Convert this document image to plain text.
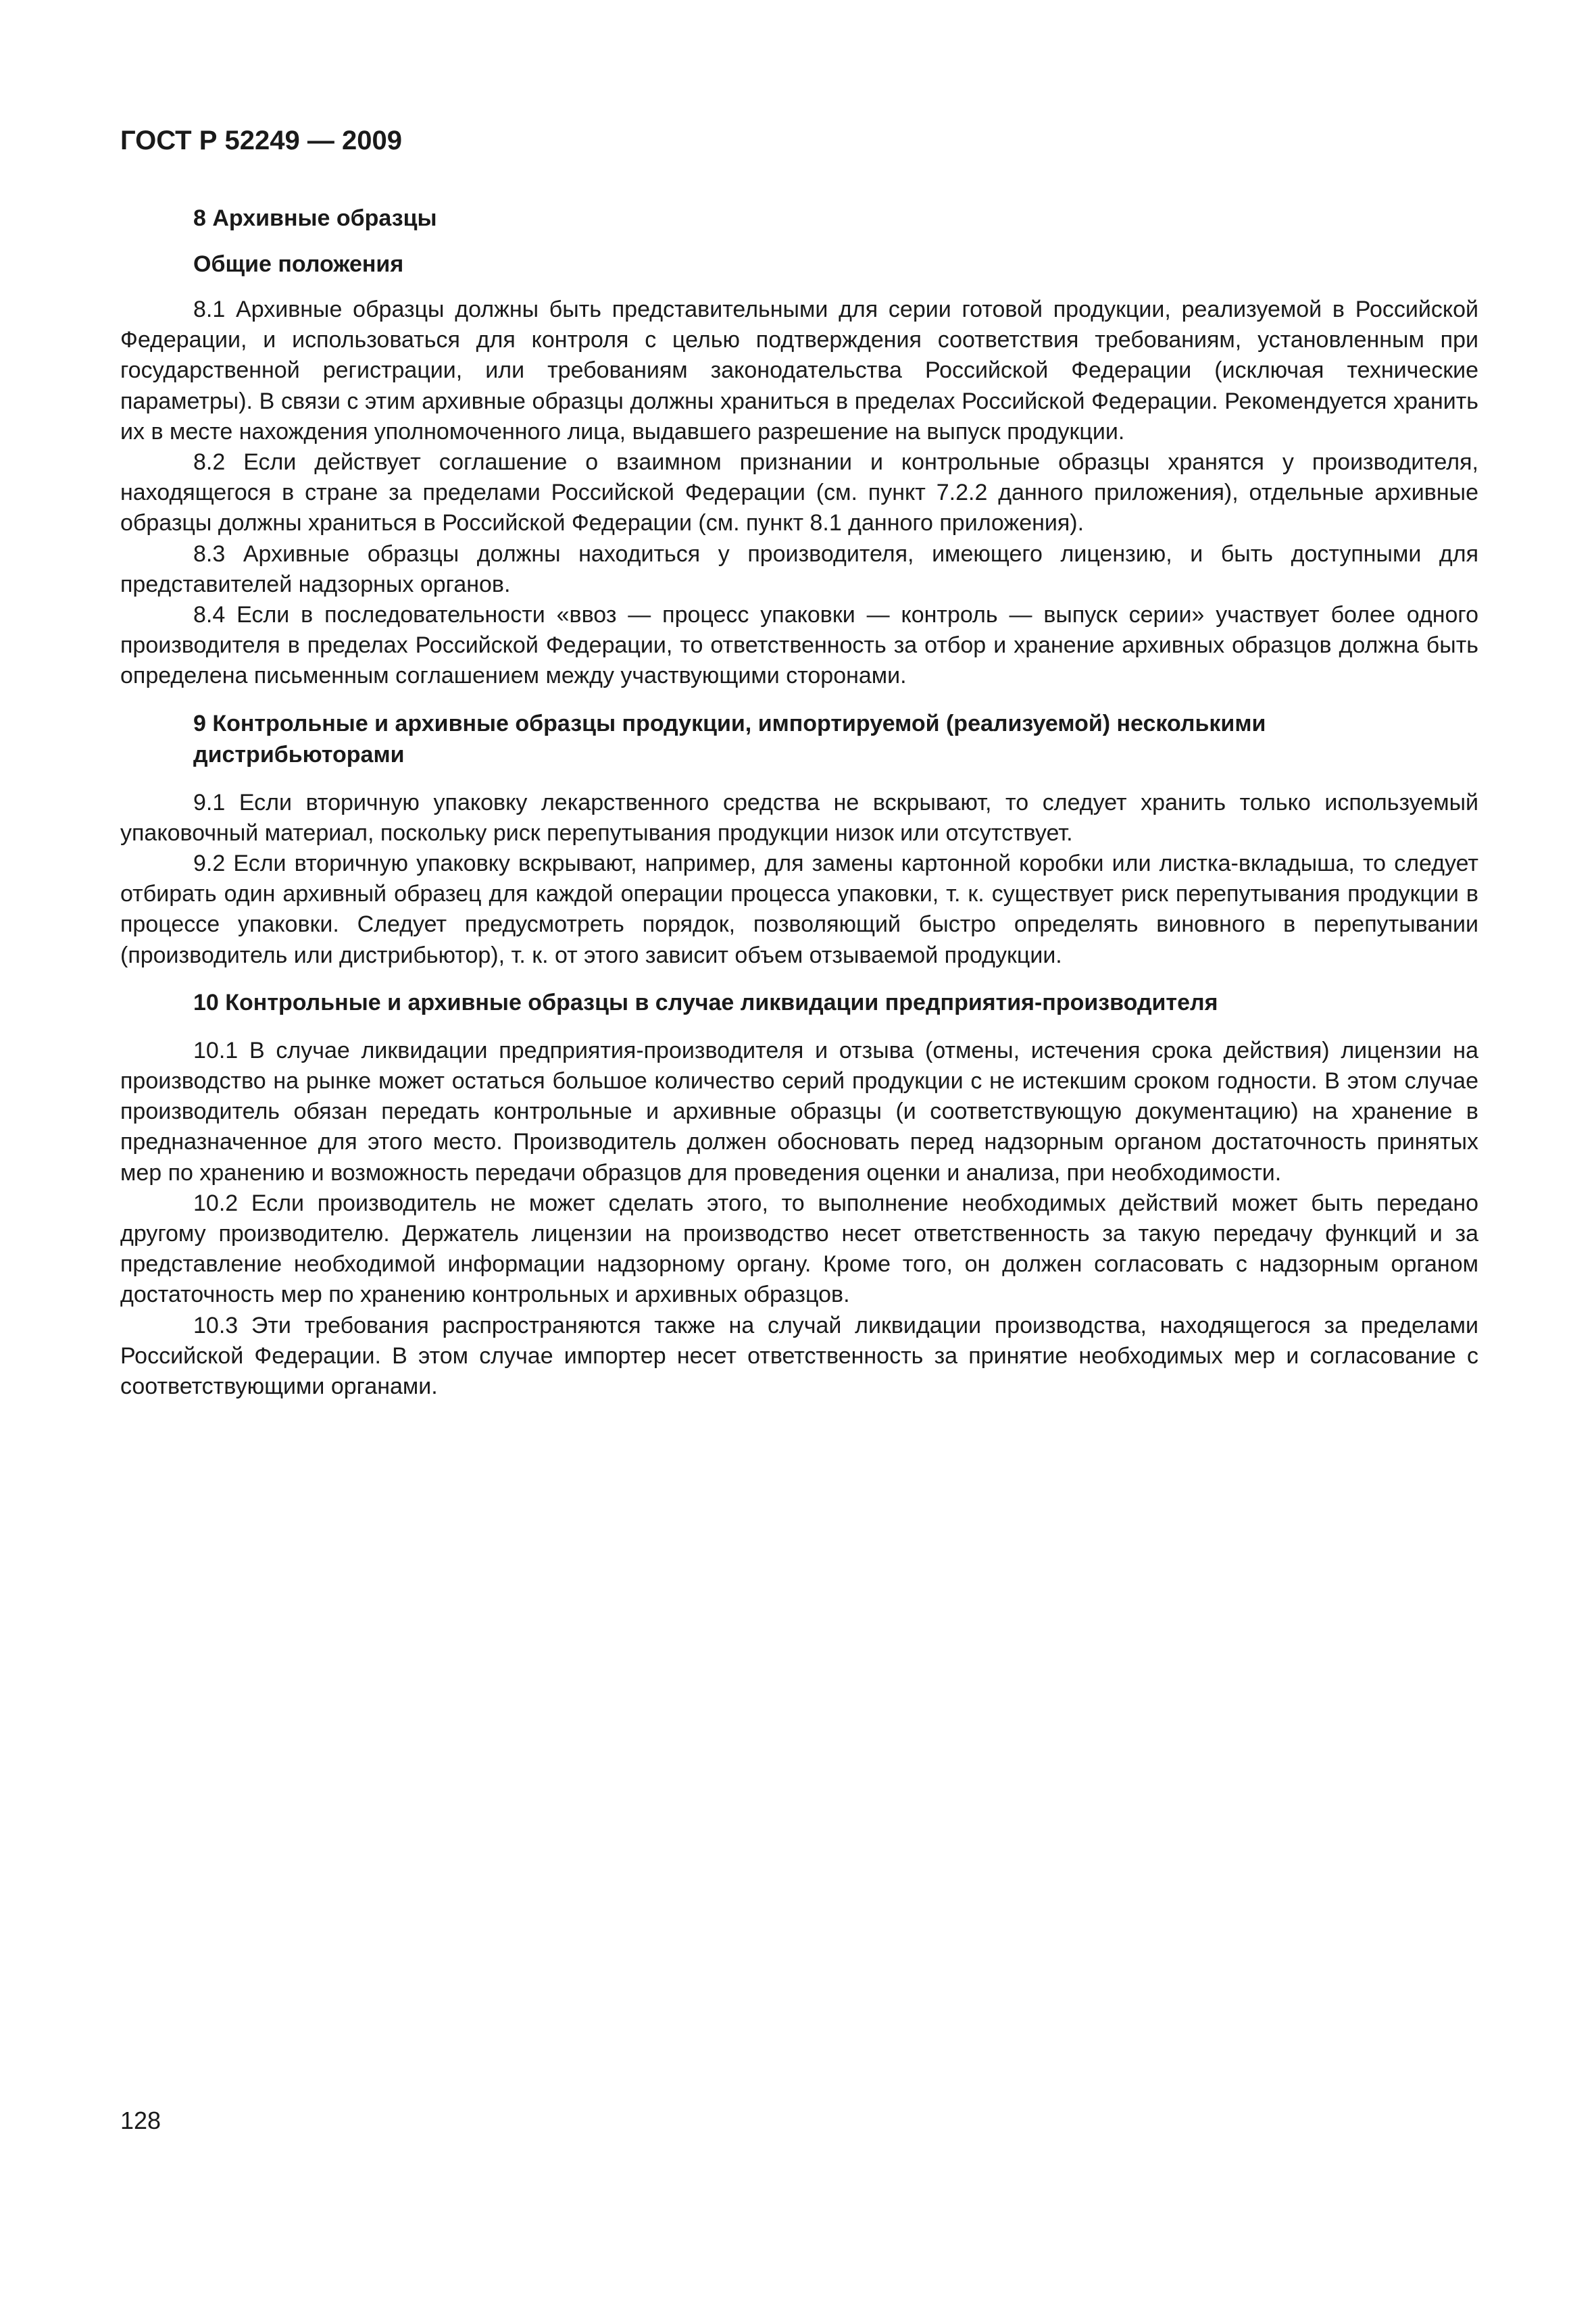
ГОСТ Р 52249 — 2009
8 Архивные образцы
Общие положения

8.1 Архивные образцы должны быть представительными для серии готовой продукции, реализуемой в Российской Федерации, и использоваться для контроля с целью подтверждения соответствия требованиям, установленным при государственной регистрации, или требованиям законодательства Российской Федерации (исключая технические параметры). В связи с этим архивные образцы должны храниться в пределах Российской Федерации. Рекомендуется хранить их в месте нахождения уполномоченного лица, выдавшего разрешение на выпуск продукции.

8.2 Если действует соглашение о взаимном признании и контрольные образцы хранятся у производителя, находящегося в стране за пределами Российской Федерации (см. пункт 7.2.2 данного приложения), отдельные архивные образцы должны храниться в Российской Федерации (см. пункт 8.1 данного приложения).

8.3 Архивные образцы должны находиться у производителя, имеющего лицензию, и быть доступными для представителей надзорных органов.

8.4 Если в последовательности «ввоз — процесс упаковки — контроль — выпуск серии» участвует более одного производителя в пределах Российской Федерации, то ответственность за отбор и хранение архивных образцов должна быть определена письменным соглашением между участвующими сторонами.

9 Контрольные и архивные образцы продукции, импортируемой (реализуемой) несколькими дистрибьюторами

9.1 Если вторичную упаковку лекарственного средства не вскрывают, то следует хранить только используемый упаковочный материал, поскольку риск перепутывания продукции низок или отсутствует.

9.2 Если вторичную упаковку вскрывают, например, для замены картонной коробки или листка-вкладыша, то следует отбирать один архивный образец для каждой операции процесса упаковки, т. к. существует риск перепутывания продукции в процессе упаковки. Следует предусмотреть порядок, позволяющий быстро определять виновного в перепутывании (производитель или дистрибьютор), т. к. от этого зависит объем отзываемой продукции.

10 Контрольные и архивные образцы в случае ликвидации предприятия-производителя

10.1 В случае ликвидации предприятия-производителя и отзыва (отмены, истечения срока действия) лицензии на производство на рынке может остаться большое количество серий продукции с не истекшим сроком годности. В этом случае производитель обязан передать контрольные и архивные образцы (и соответствующую документацию) на хранение в предназначенное для этого место. Производитель должен обосновать перед надзорным органом достаточность принятых мер по хранению и возможность передачи образцов для проведения оценки и анализа, при необходимости.

10.2 Если производитель не может сделать этого, то выполнение необходимых действий может быть передано другому производителю. Держатель лицензии на производство несет ответственность за такую передачу функций и за представление необходимой информации надзорному органу. Кроме того, он должен согласовать с надзорным органом достаточность мер по хранению контрольных и архивных образцов.

10.3 Эти требования распространяются также на случай ликвидации производства, находящегося за пределами Российской Федерации. В этом случае импортер несет ответственность за принятие необходимых мер и согласование с соответствующими органами.

128
